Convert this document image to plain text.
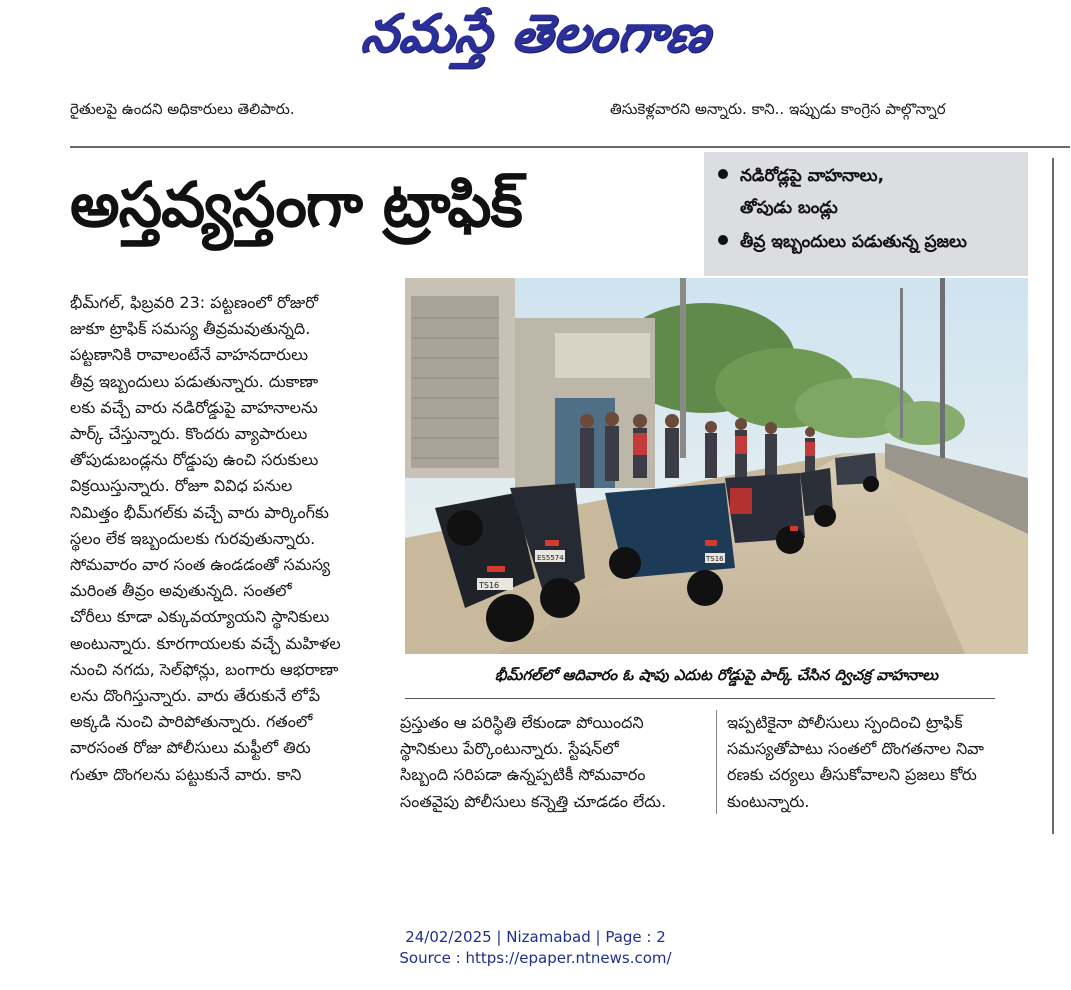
నమస్తే తెలంగాణ
రైతులపై ఉందని అధికారులు తెలిపారు.	తిసుకెళ్లవారని అన్నారు. కాని.. ఇప్పుడు కాంగ్రెస పాల్గొన్నార
అస్తవ్యస్తంగా ట్రాఫిక్	నడిరోడ్లపై వాహనాలు,
తోపుడు బండ్లు
తీవ్ర ఇబ్బందులు పడుతున్న ప్రజలు

భీమ్‌గల్, ఫిబ్రవరి 23: పట్టణంలో రోజురో

జుకూ ట్రాఫిక్ సమస్య తీవ్రమవుతున్నది.

పట్టణానికి రావాలంటేనే వాహనదారులు

తీవ్ర ఇబ్బందులు పడుతున్నారు. దుకాణా

లకు వచ్చే వారు నడిరోడ్డుపై వాహనాలను

పార్క్ చేస్తున్నారు. కొందరు వ్యాపారులు

తోపుడుబండ్లను రోడ్డుపు ఉంచి సరుకులు

విక్రయిస్తున్నారు. రోజూ వివిధ పనుల

నిమిత్తం భీమ్‌గల్‌కు వచ్చే వారు పార్కింగ్‌కు

స్థలం లేక ఇబ్బందులకు గురవుతున్నారు.

సోమవారం వార సంత ఉండడంతో సమస్య

మరింత తీవ్రం అవుతున్నది. సంతలో

చోరీలు కూడా ఎక్కువయ్యాయని స్థానికులు

అంటున్నారు. కూరగాయలకు వచ్చే మహిళల

నుంచి నగదు, సెల్‌ఫోన్లు, బంగారు ఆభరాణా

లను దొంగిస్తున్నారు. వారు తేరుకునే లోపే

అక్కడి నుంచి పారిపోతున్నారు. గతంలో

వారసంత రోజు పోలీసులు మఫ్టీలో తిరు

గుతూ దొంగలను పట్టుకునే వారు. కాని

TS16
ES5574	TS16
భీమ్‌గల్‌లో ఆదివారం ఓ షాపు ఎదుట రోడ్డుపై పార్క్ చేసిన ద్విచక్ర వాహనాలు

ప్రస్తుతం ఆ పరిస్థితి లేకుండా పోయిందని

స్థానికులు పేర్కొంటున్నారు. స్టేషన్‌లో

సిబ్బంది సరిపడా ఉన్నప్పటికీ సోమవారం

సంతవైపు పోలీసులు కన్నెత్తి చూడడం లేదు.

ఇప్పటికైనా పోలీసులు స్పందించి ట్రాఫిక్

సమస్యతోపాటు సంతలో దొంగతనాల నివా

రణకు చర్యలు తీసుకోవాలని ప్రజలు కోరు

కుంటున్నారు.

24/02/2025 | Nizamabad | Page : 2
Source : https://epaper.ntnews.com/
